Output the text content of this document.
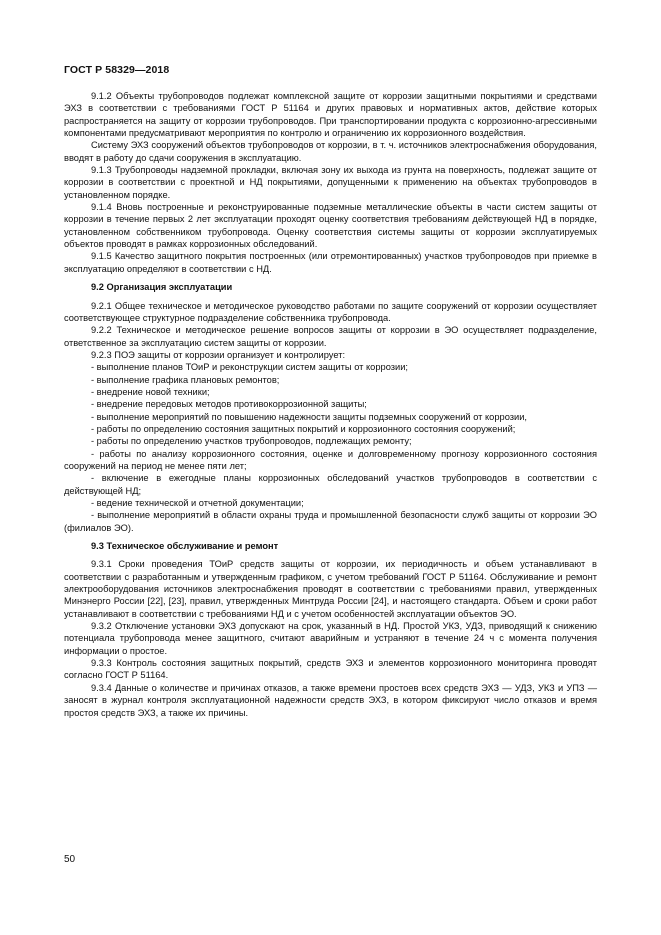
ГОСТ Р 58329—2018

9.1.2 Объекты трубопроводов подлежат комплексной защите от коррозии защитными покрытиями и средствами ЭХЗ в соответствии с требованиями ГОСТ Р 51164 и других правовых и нормативных актов, действие которых распространяется на защиту от коррозии трубопроводов. При транспортировании продукта с коррозионно-агрессивными компонентами предусматривают мероприятия по контролю и ограничению их коррозионного воздействия.

Систему ЭХЗ сооружений объектов трубопроводов от коррозии, в т. ч. источников электроснабжения оборудования, вводят в работу до сдачи сооружения в эксплуатацию.

9.1.3 Трубопроводы надземной прокладки, включая зону их выхода из грунта на поверхность, подлежат защите от коррозии в соответствии с проектной и НД покрытиями, допущенными к применению на объектах трубопроводов в установленном порядке.

9.1.4 Вновь построенные и реконструированные подземные металлические объекты в части систем защиты от коррозии в течение первых 2 лет эксплуатации проходят оценку соответствия требованиям действующей НД в порядке, установленном собственником трубопровода. Оценку соответствия системы защиты от коррозии эксплуатируемых объектов проводят в рамках коррозионных обследований.

9.1.5 Качество защитного покрытия построенных (или отремонтированных) участков трубопроводов при приемке в эксплуатацию определяют в соответствии с НД.

9.2 Организация эксплуатации

9.2.1 Общее техническое и методическое руководство работами по защите сооружений от коррозии осуществляет соответствующее структурное подразделение собственника трубопровода.

9.2.2 Техническое и методическое решение вопросов защиты от коррозии в ЭО осуществляет подразделение, ответственное за эксплуатацию систем защиты от коррозии.

9.2.3 ПОЭ защиты от коррозии организует и контролирует:

- выполнение планов ТОиР и реконструкции систем защиты от коррозии;

- выполнение графика плановых ремонтов;

- внедрение новой техники;

- внедрение передовых методов противокоррозионной защиты;

- выполнение мероприятий по повышению надежности защиты подземных сооружений от коррозии,

- работы по определению состояния защитных покрытий и коррозионного состояния сооружений;

- работы по определению участков трубопроводов, подлежащих ремонту;

- работы по анализу коррозионного состояния, оценке и долговременному прогнозу коррозионного состояния сооружений на период не менее пяти лет;

- включение в ежегодные планы коррозионных обследований участков трубопроводов в соответствии с действующей НД;

- ведение технической и отчетной документации;

- выполнение мероприятий в области охраны труда и промышленной безопасности служб защиты от коррозии ЭО (филиалов ЭО).

9.3 Техническое обслуживание и ремонт

9.3.1 Сроки проведения ТОиР средств защиты от коррозии, их периодичность и объем устанавливают в соответствии с разработанным и утвержденным графиком, с учетом требований ГОСТ Р 51164. Обслуживание и ремонт электрооборудования источников электроснабжения проводят в соответствии с требованиями правил, утвержденных Минэнерго России [22], [23], правил, утвержденных Минтруда России [24], и настоящего стандарта. Объем и сроки работ устанавливают в соответствии с требованиями НД и с учетом особенностей эксплуатации объектов ЭО.

9.3.2 Отключение установки ЭХЗ допускают на срок, указанный в НД. Простой УКЗ, УДЗ, приводящий к снижению потенциала трубопровода менее защитного, считают аварийным и устраняют в течение 24 ч с момента получения информации о простое.

9.3.3 Контроль состояния защитных покрытий, средств ЭХЗ и элементов коррозионного мониторинга проводят согласно ГОСТ Р 51164.

9.3.4 Данные о количестве и причинах отказов, а также времени простоев всех средств ЭХЗ — УДЗ, УКЗ и УПЗ — заносят в журнал контроля эксплуатационной надежности средств ЭХЗ, в котором фиксируют число отказов и время простоя средств ЭХЗ, а также их причины.

50
